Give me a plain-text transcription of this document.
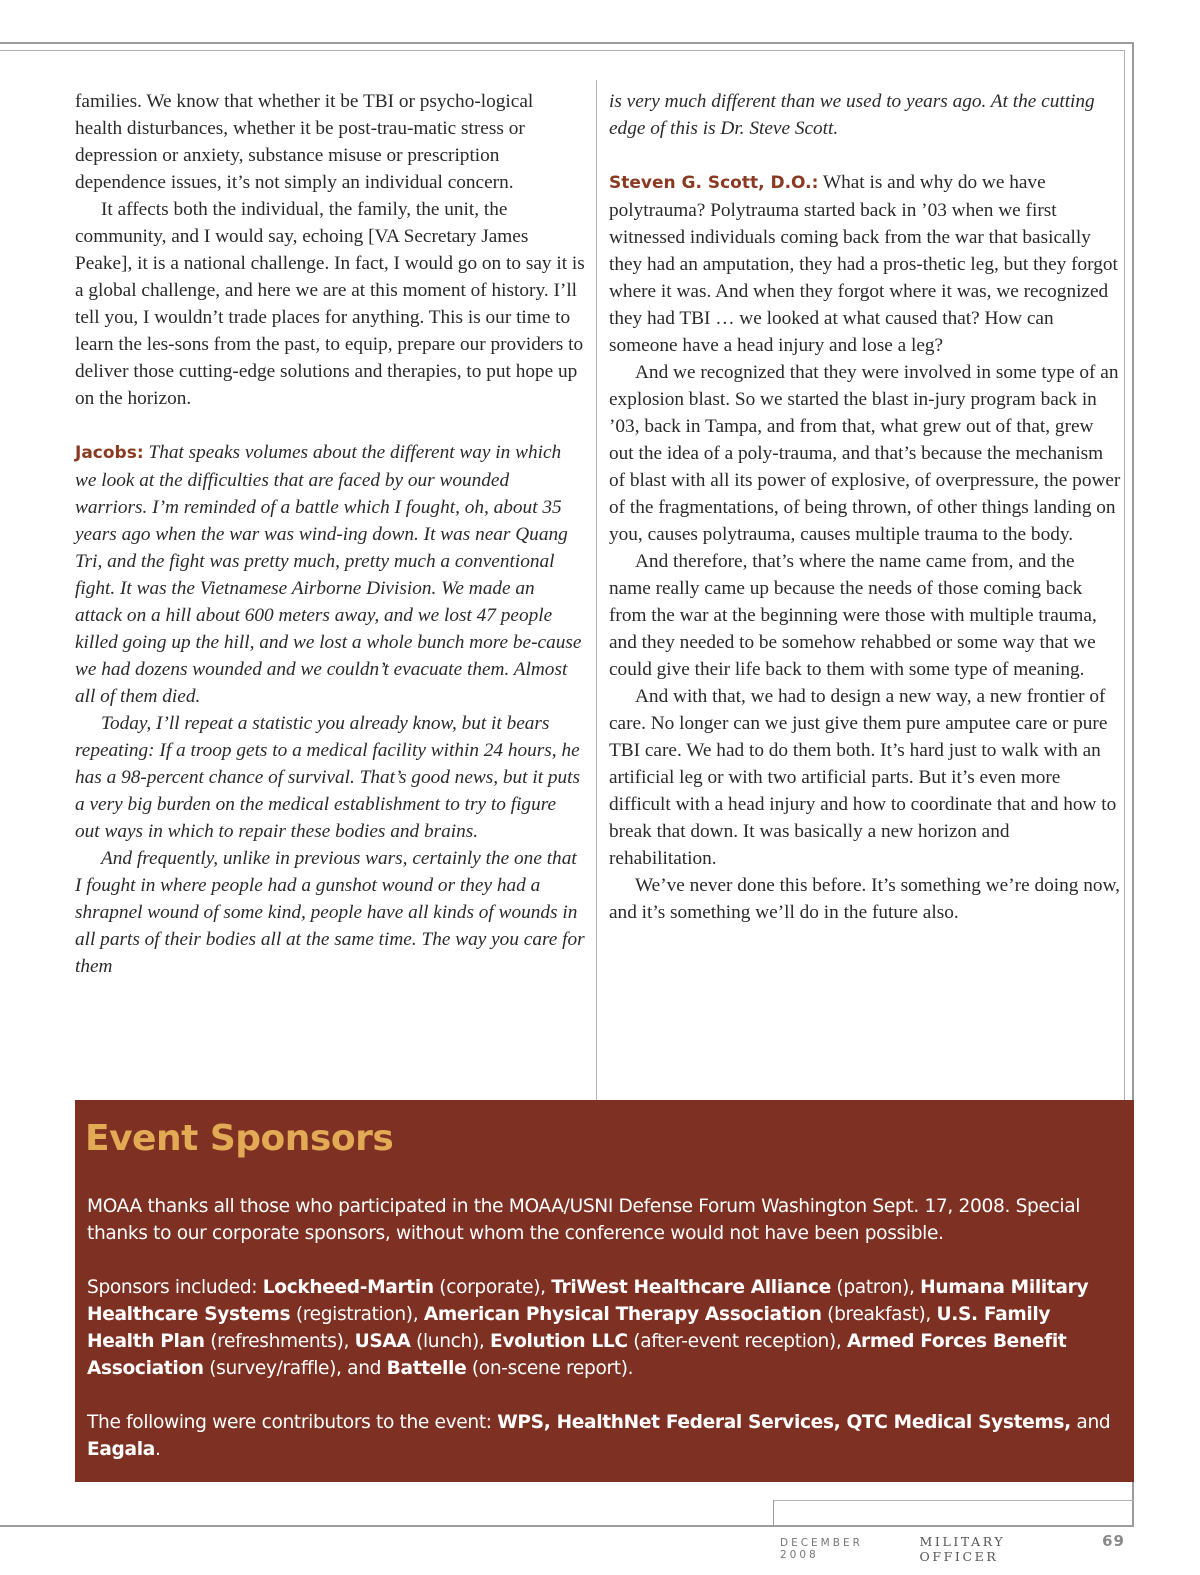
families. We know that whether it be TBI or psycho-logical health disturbances, whether it be post-trau-matic stress or depression or anxiety, substance misuse or prescription dependence issues, it’s not simply an individual concern.

It affects both the individual, the family, the unit, the community, and I would say, echoing [VA Secretary James Peake], it is a national challenge. In fact, I would go on to say it is a global challenge, and here we are at this moment of history. I’ll tell you, I wouldn’t trade places for anything. This is our time to learn the les-sons from the past, to equip, prepare our providers to deliver those cutting-edge solutions and therapies, to put hope up on the horizon.

Jacobs: That speaks volumes about the different way in which we look at the difficulties that are faced by our wounded warriors. I’m reminded of a battle which I fought, oh, about 35 years ago when the war was wind-ing down. It was near Quang Tri, and the fight was pretty much, pretty much a conventional fight. It was the Vietnamese Airborne Division. We made an attack on a hill about 600 meters away, and we lost 47 people killed going up the hill, and we lost a whole bunch more be-cause we had dozens wounded and we couldn’t evacuate them. Almost all of them died.

Today, I’ll repeat a statistic you already know, but it bears repeating: If a troop gets to a medical facility within 24 hours, he has a 98-percent chance of survival. That’s good news, but it puts a very big burden on the medical establishment to try to figure out ways in which to repair these bodies and brains.

And frequently, unlike in previous wars, certainly the one that I fought in where people had a gunshot wound or they had a shrapnel wound of some kind, people have all kinds of wounds in all parts of their bodies all at the same time. The way you care for them

is very much different than we used to years ago. At the cutting edge of this is Dr. Steve Scott.

Steven G. Scott, D.O.: What is and why do we have polytrauma? Polytrauma started back in ’03 when we first witnessed individuals coming back from the war that basically they had an amputation, they had a pros-thetic leg, but they forgot where it was. And when they forgot where it was, we recognized they had TBI … we looked at what caused that? How can someone have a head injury and lose a leg?

And we recognized that they were involved in some type of an explosion blast. So we started the blast in-jury program back in ’03, back in Tampa, and from that, what grew out of that, grew out the idea of a poly-trauma, and that’s because the mechanism of blast with all its power of explosive, of overpressure, the power of the fragmentations, of being thrown, of other things landing on you, causes polytrauma, causes multiple trauma to the body.

And therefore, that’s where the name came from, and the name really came up because the needs of those coming back from the war at the beginning were those with multiple trauma, and they needed to be somehow rehabbed or some way that we could give their life back to them with some type of meaning.

And with that, we had to design a new way, a new frontier of care. No longer can we just give them pure amputee care or pure TBI care. We had to do them both. It’s hard just to walk with an artificial leg or with two artificial parts. But it’s even more difficult with a head injury and how to coordinate that and how to break that down. It was basically a new horizon and rehabilitation.

We’ve never done this before. It’s something we’re doing now, and it’s something we’ll do in the future also.

Event Sponsors

MOAA thanks all those who participated in the MOAA/USNI Defense Forum Washington Sept. 17, 2008. Special thanks to our corporate sponsors, without whom the conference would not have been possible.

Sponsors included: Lockheed-Martin (corporate), TriWest Healthcare Alliance (patron), Humana Military Healthcare Systems (registration), American Physical Therapy Association (breakfast), U.S. Family Health Plan (refreshments), USAA (lunch), Evolution LLC (after-event reception), Armed Forces Benefit Association (survey/raffle), and Battelle (on-scene report).

The following were contributors to the event: WPS, HealthNet Federal Services, QTC Medical Systems, and Eagala.

DECEMBER 2008
MILITARY OFFICER
69
